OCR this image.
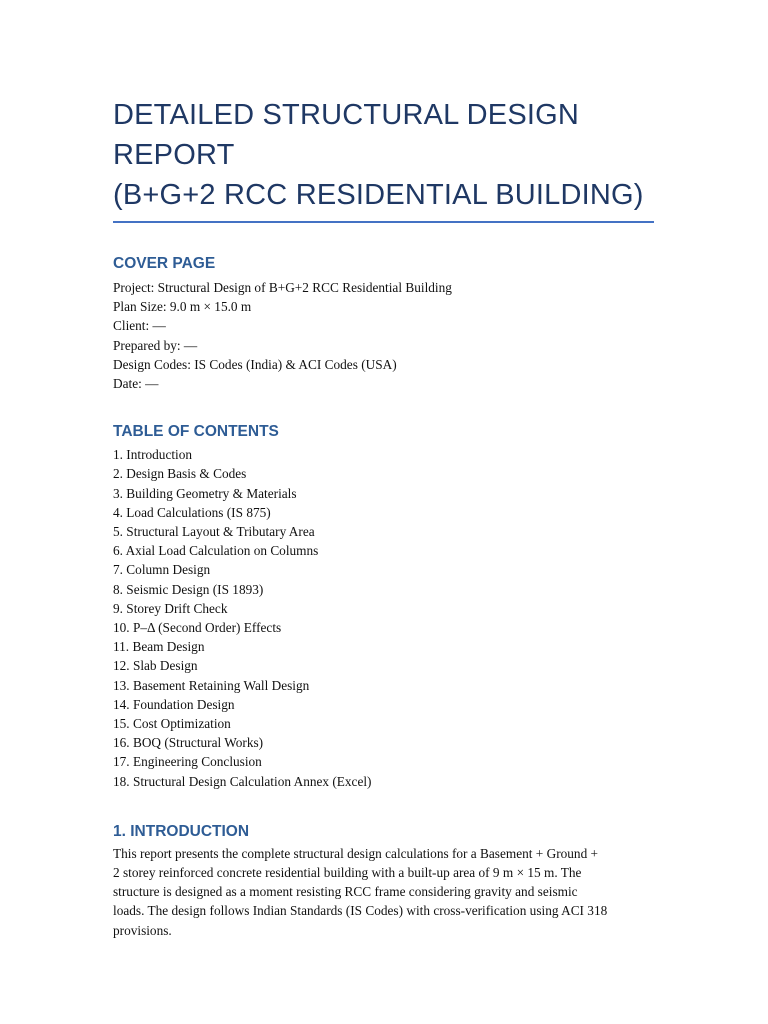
DETAILED STRUCTURAL DESIGN REPORT
(B+G+2 RCC RESIDENTIAL BUILDING)
COVER PAGE
Project: Structural Design of B+G+2 RCC Residential Building
Plan Size: 9.0 m × 15.0 m
Client: —
Prepared by: —
Design Codes: IS Codes (India) & ACI Codes (USA)
Date: —
TABLE OF CONTENTS
1. Introduction
2. Design Basis & Codes
3. Building Geometry & Materials
4. Load Calculations (IS 875)
5. Structural Layout & Tributary Area
6. Axial Load Calculation on Columns
7. Column Design
8. Seismic Design (IS 1893)
9. Storey Drift Check
10. P–Δ (Second Order) Effects
11. Beam Design
12. Slab Design
13. Basement Retaining Wall Design
14. Foundation Design
15. Cost Optimization
16. BOQ (Structural Works)
17. Engineering Conclusion
18. Structural Design Calculation Annex (Excel)
1. INTRODUCTION
This report presents the complete structural design calculations for a Basement + Ground +
2 storey reinforced concrete residential building with a built-up area of 9 m × 15 m. The
structure is designed as a moment resisting RCC frame considering gravity and seismic
loads. The design follows Indian Standards (IS Codes) with cross-verification using ACI 318
provisions.
